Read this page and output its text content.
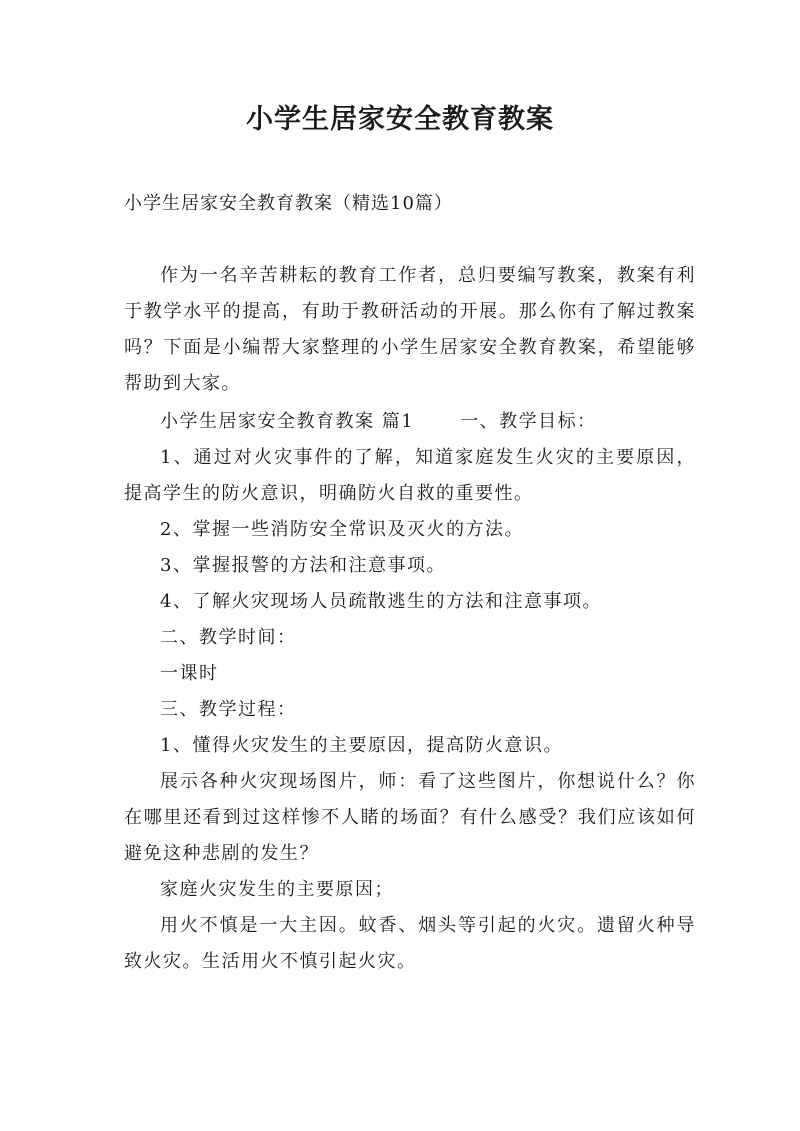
小学生居家安全教育教案
小学生居家安全教育教案（精选10篇）

作为一名辛苦耕耘的教育工作者，总归要编写教案，教案有利于教学水平的提高，有助于教研活动的开展。那么你有了解过教案吗？下面是小编帮大家整理的小学生居家安全教育教案，希望能够帮助到大家。

小学生居家安全教育教案 篇1	一、教学目标：

1、通过对火灾事件的了解，知道家庭发生火灾的主要原因，提高学生的防火意识，明确防火自救的重要性。

2、掌握一些消防安全常识及灭火的方法。

3、掌握报警的方法和注意事项。

4、了解火灾现场人员疏散逃生的方法和注意事项。

二、教学时间：

一课时

三、教学过程：

1、懂得火灾发生的主要原因，提高防火意识。

展示各种火灾现场图片，师：看了这些图片，你想说什么？你在哪里还看到过这样惨不人睹的场面？有什么感受？我们应该如何避免这种悲剧的发生？

家庭火灾发生的主要原因；

用火不慎是一大主因。蚊香、烟头等引起的火灾。遗留火种导致火灾。生活用火不慎引起火灾。
